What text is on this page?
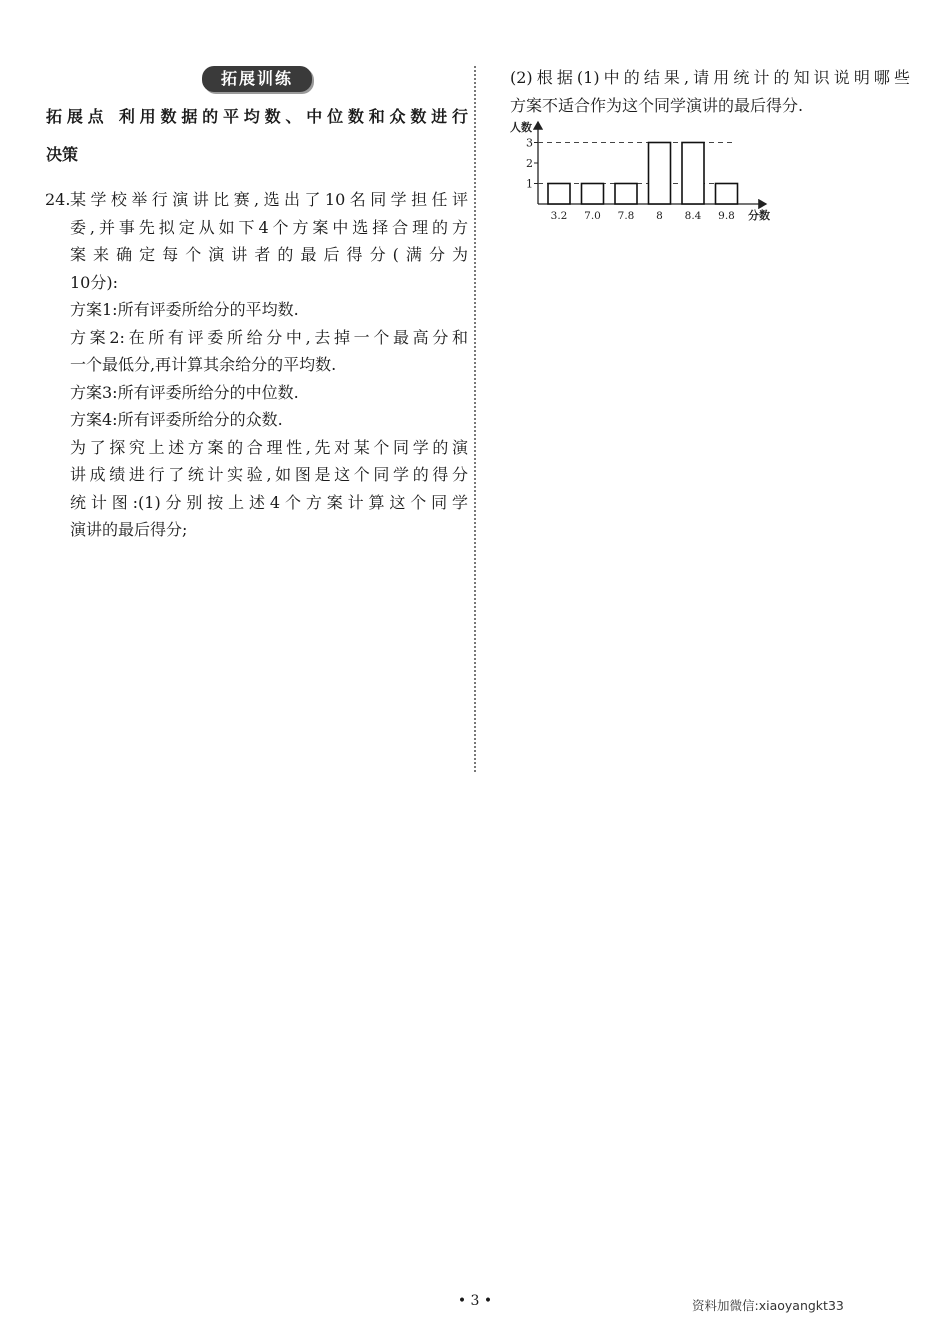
拓展训练
拓展点 利用数据的平均数、中位数和众数进行
决策
24. 某学校举行演讲比赛,选出了10名同学担任评
委,并事先拟定从如下4个方案中选择合理的方
案来确定每个演讲者的最后得分(满分为
10分):
方案1:所有评委所给分的平均数.
方案2:在所有评委所给分中,去掉一个最高分和
一个最低分,再计算其余给分的平均数.
方案3:所有评委所给分的中位数.
方案4:所有评委所给分的众数.
为了探究上述方案的合理性,先对某个同学的演
讲成绩进行了统计实验,如图是这个同学的得分
统计图:(1)分别按上述4个方案计算这个同学
演讲的最后得分;
(2)根据(1)中的结果,请用统计的知识说明哪些
方案不适合作为这个同学演讲的最后得分.
人数
分数
1
2
3
3.2 7.0 7.8 8 8.4 9.8
• 3 •	资料加微信:xiaoyangkt33
